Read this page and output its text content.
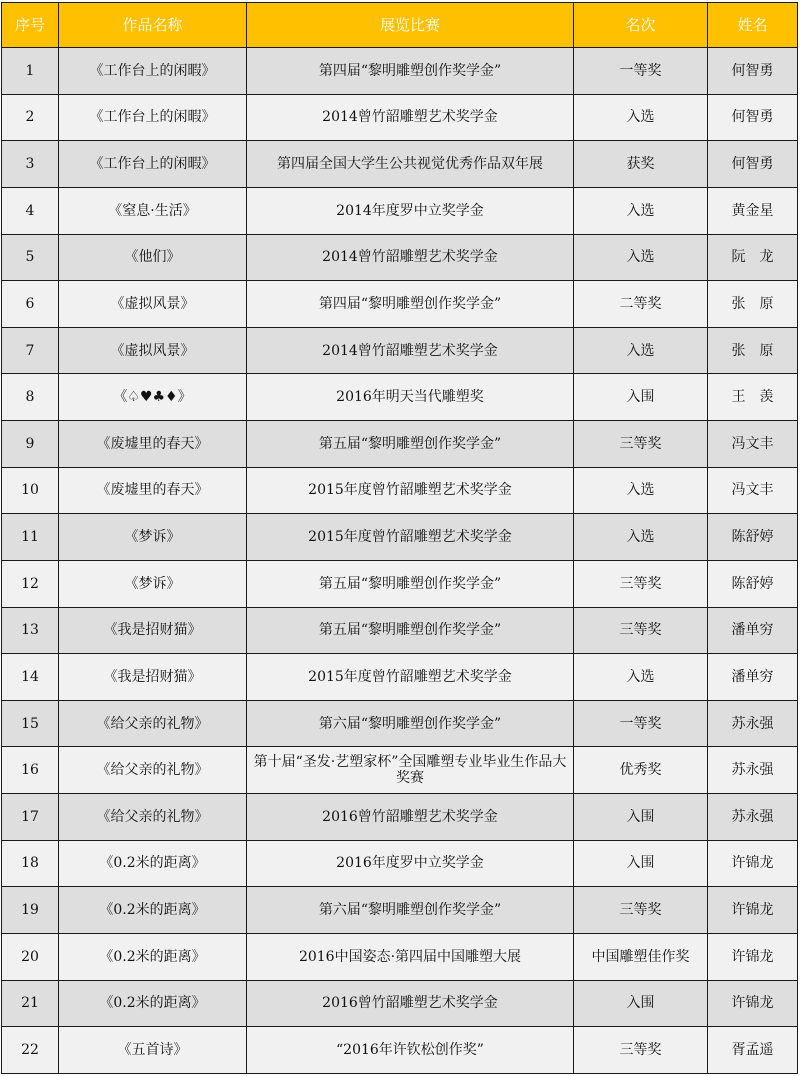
序号	作品名称	展览比赛	名次	姓名
1	《工作台上的闲暇》	第四届“黎明雕塑创作奖学金”	一等奖	何智勇
2	《工作台上的闲暇》	2014曾竹韶雕塑艺术奖学金	入选	何智勇
3	《工作台上的闲暇》	第四届全国大学生公共视觉优秀作品双年展	获奖	何智勇
4	《窒息·生活》	2014年度罗中立奖学金	入选	黄金星
5	《他们》	2014曾竹韶雕塑艺术奖学金	入选	阮　龙
6	《虚拟风景》	第四届“黎明雕塑创作奖学金”	二等奖	张　原
7	《虚拟风景》	2014曾竹韶雕塑艺术奖学金	入选	张　原
8	《♤♥♣♦》	2016年明天当代雕塑奖	入围	王　羡
9	《废墟里的春天》	第五届“黎明雕塑创作奖学金”	三等奖	冯文丰
10	《废墟里的春天》	2015年度曾竹韶雕塑艺术奖学金	入选	冯文丰
11	《梦诉》	2015年度曾竹韶雕塑艺术奖学金	入选	陈舒婷
12	《梦诉》	第五届“黎明雕塑创作奖学金”	三等奖	陈舒婷
13	《我是招财猫》	第五届“黎明雕塑创作奖学金”	三等奖	潘单穷
14	《我是招财猫》	2015年度曾竹韶雕塑艺术奖学金	入选	潘单穷
15	《给父亲的礼物》	第六届“黎明雕塑创作奖学金”	一等奖	苏永强
16	《给父亲的礼物》	第十届“圣发·艺塑家杯”全国雕塑专业毕业生作品大奖赛	优秀奖	苏永强
17	《给父亲的礼物》	2016曾竹韶雕塑艺术奖学金	入围	苏永强
18	《0.2米的距离》	2016年度罗中立奖学金	入围	许锦龙
19	《0.2米的距离》	第六届“黎明雕塑创作奖学金”	三等奖	许锦龙
20	《0.2米的距离》	2016中国姿态·第四届中国雕塑大展	中国雕塑佳作奖	许锦龙
21	《0.2米的距离》	2016曾竹韶雕塑艺术奖学金	入围	许锦龙
22	《五首诗》	“2016年许钦松创作奖”	三等奖	胥孟遥
